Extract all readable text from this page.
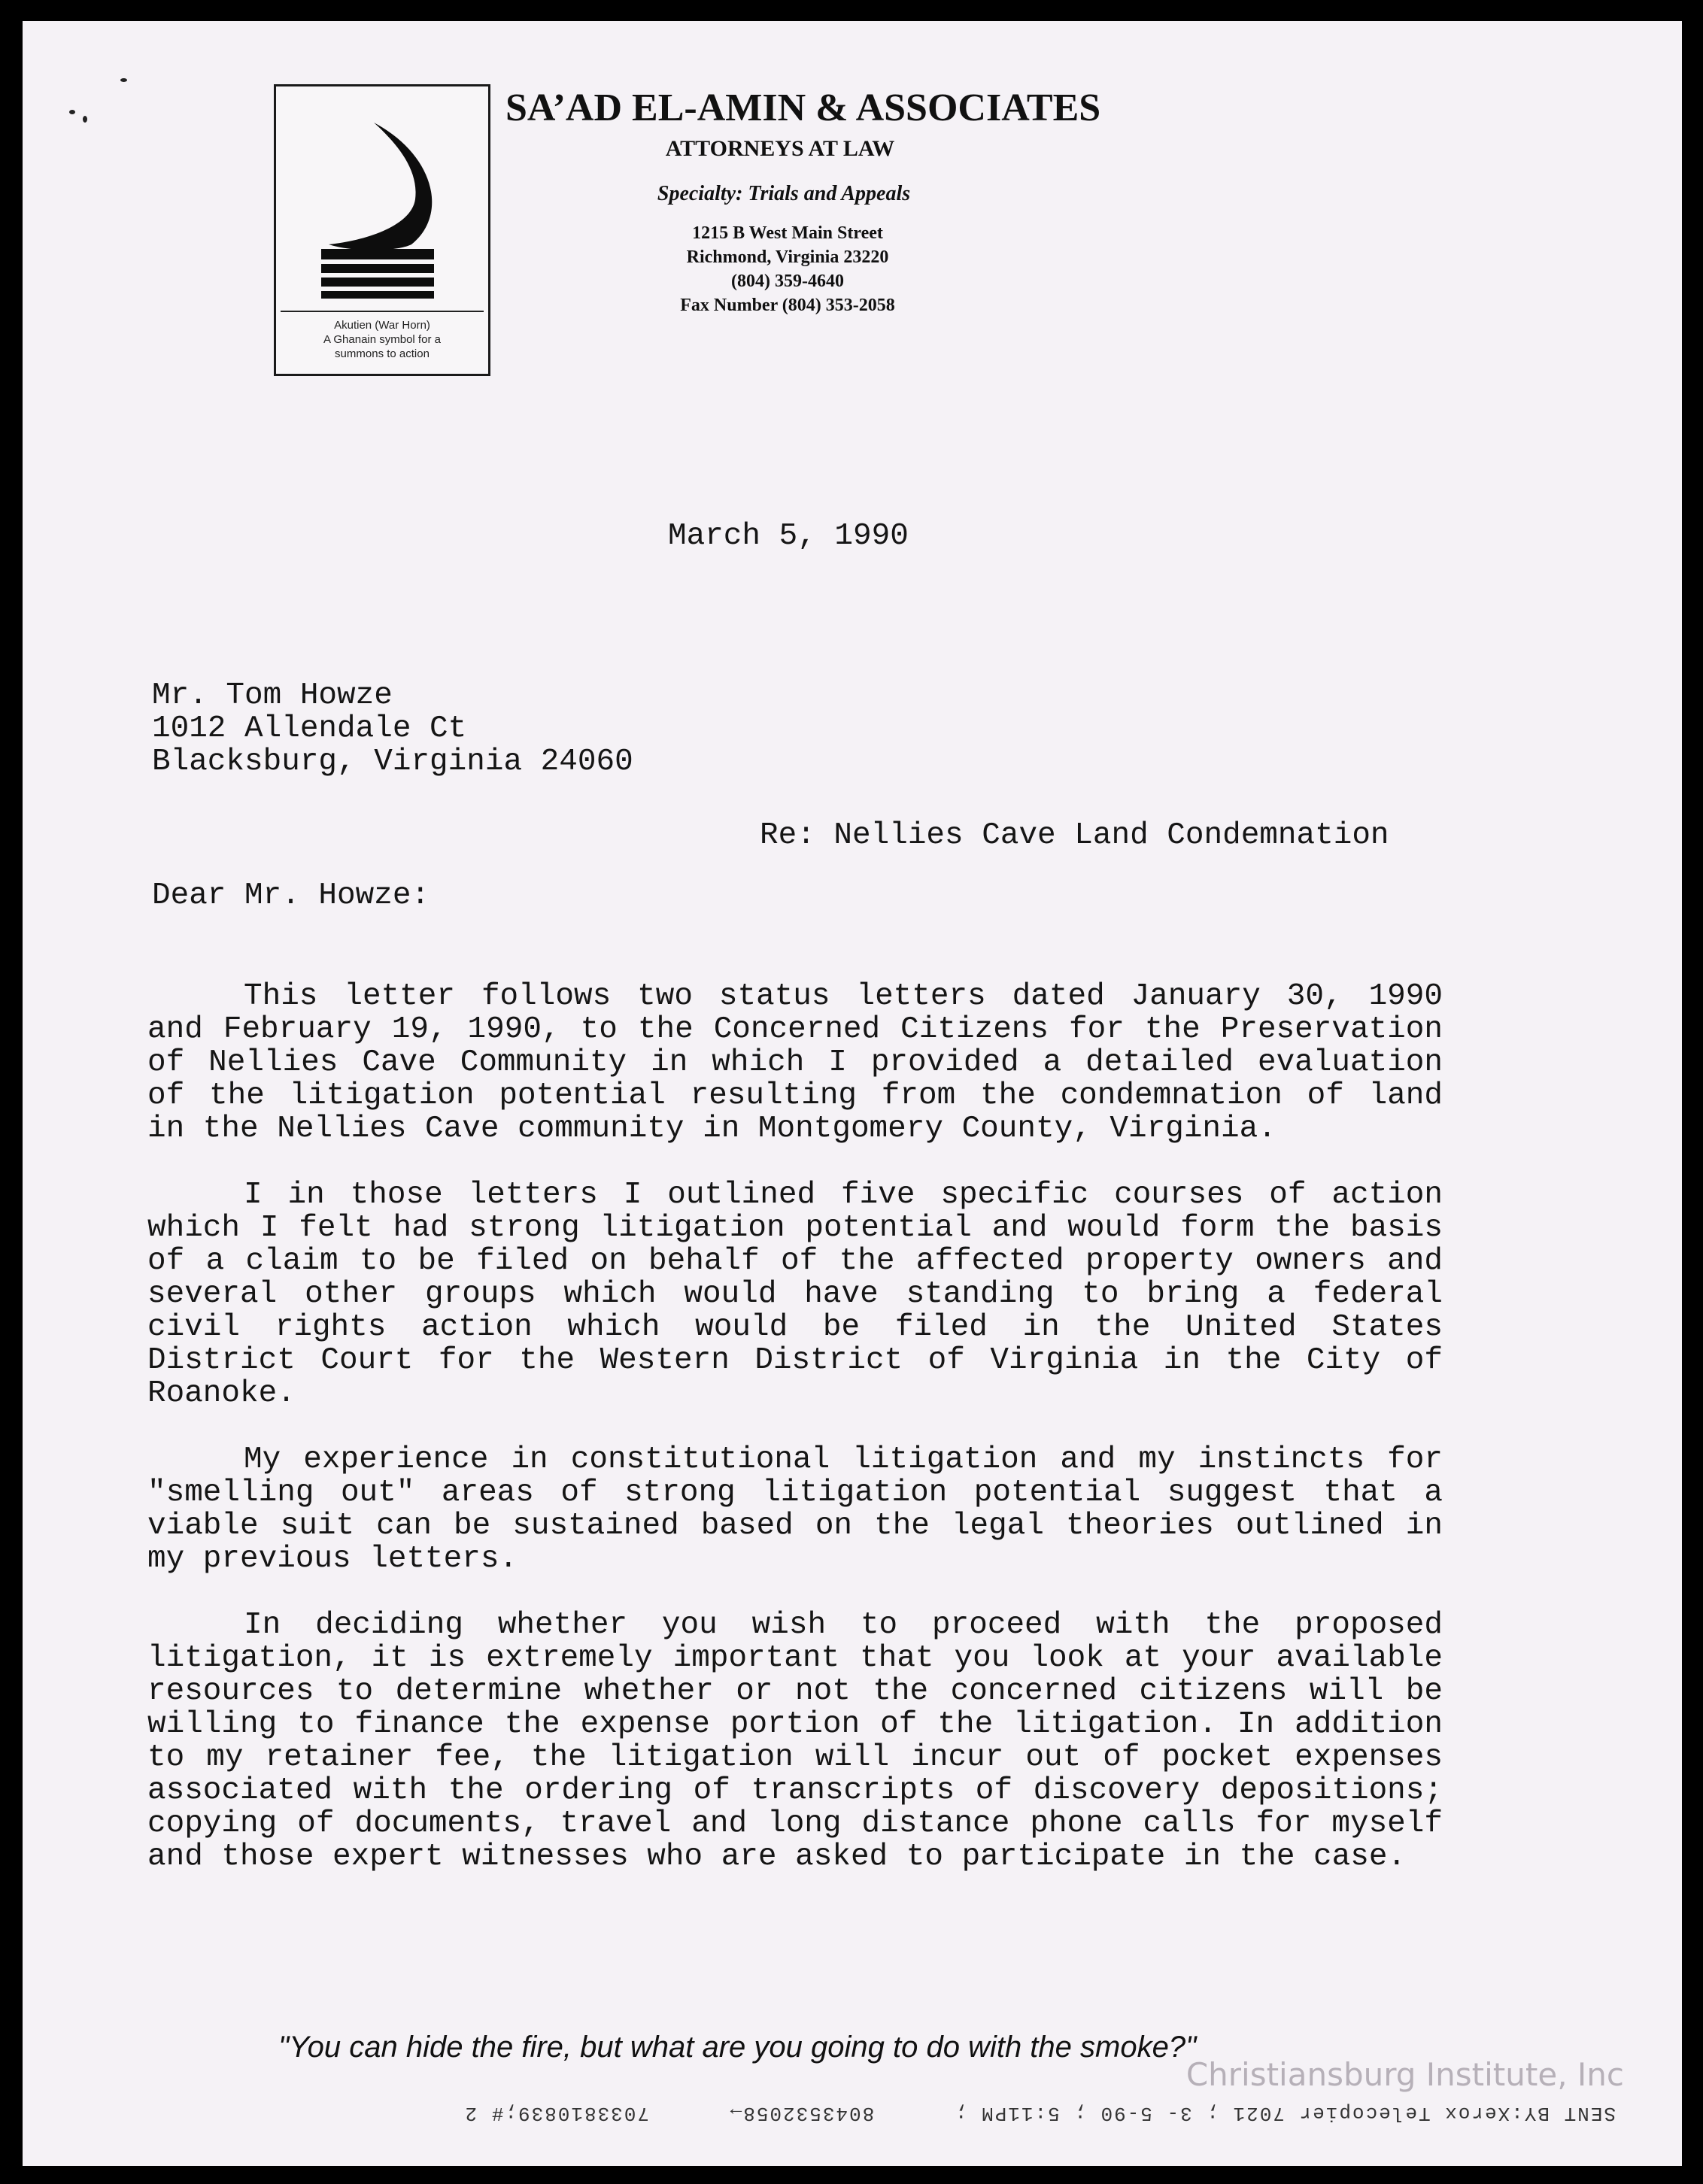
Akutien (War Horn)
A Ghanain symbol for a
summons to action
SA’AD EL-AMIN & ASSOCIATES
ATTORNEYS AT LAW
Specialty: Trials and Appeals
1215 B West Main Street
Richmond, Virginia 23220
(804) 359-4640
Fax Number (804) 353-2058
March 5, 1990
Mr. Tom Howze
1012 Allendale Ct
Blacksburg, Virginia 24060
Re: Nellies Cave Land Condemnation
Dear Mr. Howze:

This letter follows two status letters dated January 30, 1990 and February 19, 1990, to the Concerned Citizens for the Preservation of Nellies Cave Community in which I provided a detailed evaluation of the litigation potential resulting from the condemnation of land in the Nellies Cave community in Montgomery County, Virginia.

I in those letters I outlined five specific courses of action which I felt had strong litigation potential and would form the basis of a claim to be filed on behalf of the affected property owners and several other groups which would have standing to bring a federal civil rights action which would be filed in the United States District Court for the Western District of Virginia in the City of Roanoke.

My experience in constitutional litigation and my instincts for "smelling out" areas of strong litigation potential suggest that a viable suit can be sustained based on the legal theories outlined in my previous letters.

In deciding whether you wish to proceed with the proposed litigation, it is extremely important that you look at your available resources to determine whether or not the concerned citizens will be willing to finance the expense portion of the litigation. In addition to my retainer fee, the litigation will incur out of pocket expenses associated with the ordering of transcripts of discovery depositions; copying of documents, travel and long distance phone calls for myself and those expert witnesses who are asked to participate in the case.

"You can hide the fire, but what are you going to do with the smoke?"
Christiansburg Institute, Inc
SENT BY:Xerox Telecopier 7021 ; 3- 5-90 ; 5:11PM ;      8043532058→      7033810839;# 2
